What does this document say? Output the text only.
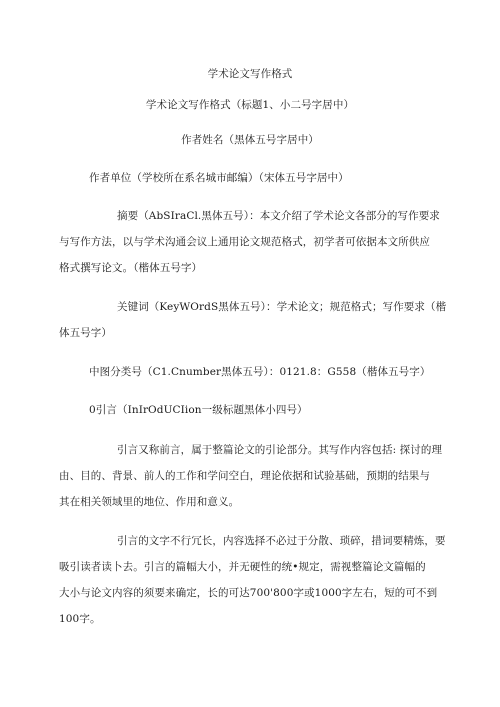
学术论文写作格式
学术论文写作格式（标题1、小二号字居中）
作者姓名（黑体五号字居中）
作者单位（学校所在系名城市邮编）（宋体五号字居中）
摘要（AbSIraCl.黑体五号）：本文介绍了学术论文各部分的写作要求
与写作方法，以与学术沟通会议上通用论文规范格式，初学者可依据本文所供应
格式撰写论文。（楷体五号字）
关键词（KeyWOrdS黑体五号）：学术论文；规范格式；写作要求（楷
体五号字）
中图分类号（C1.Cnumber黑体五号）：0121.8：G558（楷体五号字）
0引言（InIrOdUCIion一级标题黑体小四号）
引言又称前言，属于整篇论文的引论部分。其写作内容包括: 探讨的理
由、目的、背景、前人的工作和学问空白，理论依据和试验基础，预期的结果与
其在相关领域里的地位、作用和意义。
引言的文字不行冗长，内容选择不必过于分散、琐碎，措词要精炼，要
吸引读者读卜去。引言的篇幅大小，并无硬性的统•规定，需视整篇论文篇幅的
大小与论文内容的须要来确定，长的可达700'800字或1000字左右，短的可不到
100字。
